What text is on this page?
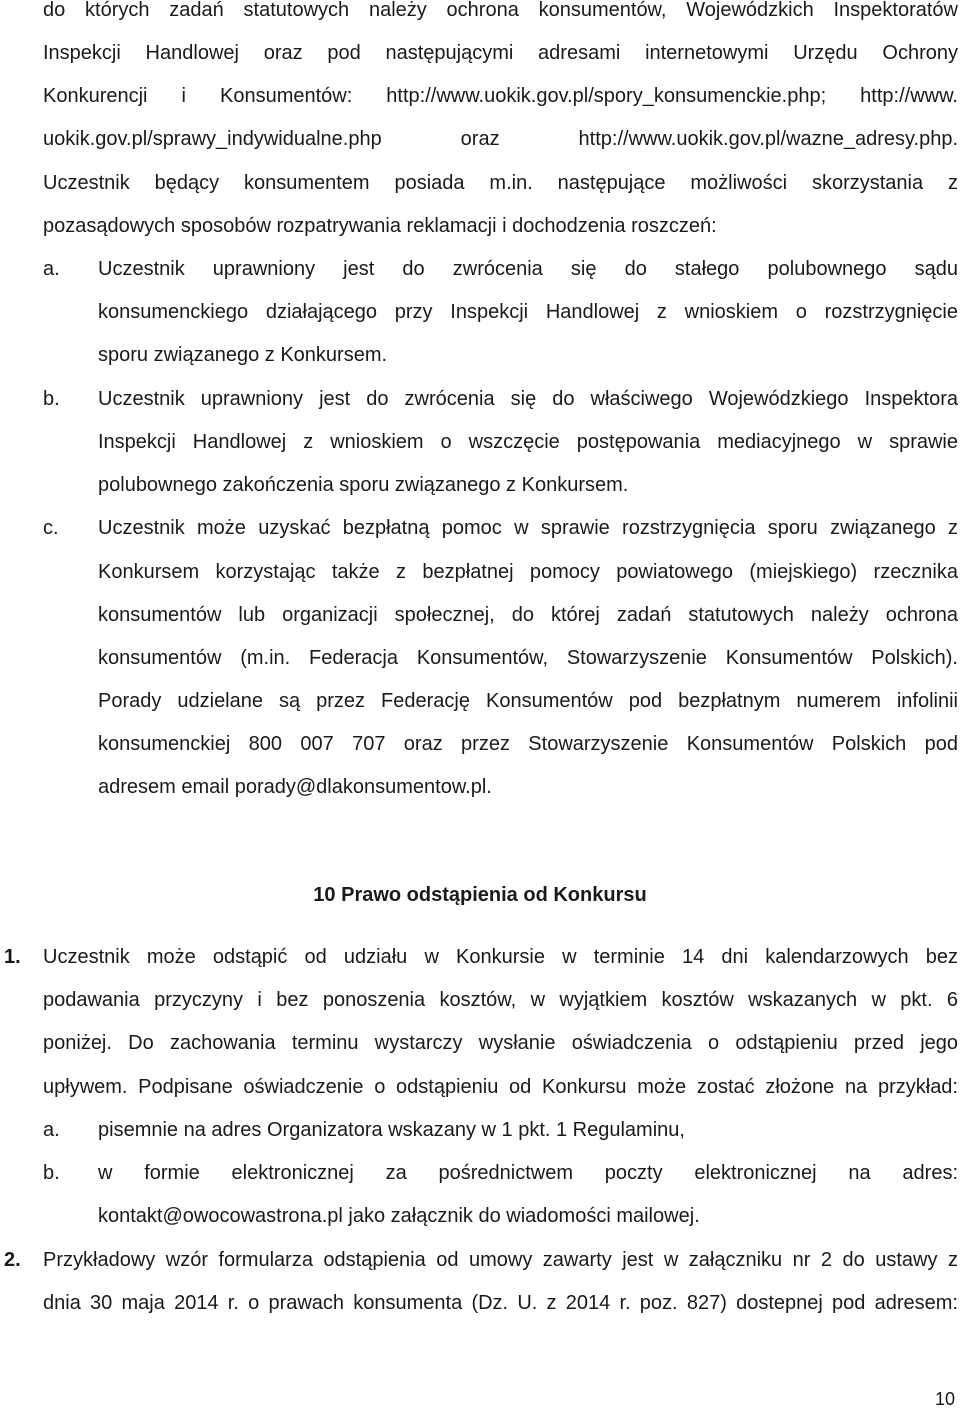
do których zadań statutowych należy ochrona konsumentów, Wojewódzkich Inspektoratów
Inspekcji Handlowej oraz pod następującymi adresami internetowymi Urzędu Ochrony
Konkurencji i Konsumentów: http://www.uokik.gov.pl/spory_konsumenckie.php; http://www.
uokik.gov.pl/sprawy_indywidualne.php oraz http://www.uokik.gov.pl/wazne_adresy.php.
Uczestnik będący konsumentem posiada m.in. następujące możliwości skorzystania z
pozasądowych sposobów rozpatrywania reklamacji i dochodzenia roszczeń:
a. Uczestnik uprawniony jest do zwrócenia się do stałego polubownego sądu
konsumenckiego działającego przy Inspekcji Handlowej z wnioskiem o rozstrzygnięcie
sporu związanego z Konkursem.
b. Uczestnik uprawniony jest do zwrócenia się do właściwego Wojewódzkiego Inspektora
Inspekcji Handlowej z wnioskiem o wszczęcie postępowania mediacyjnego w sprawie
polubownego zakończenia sporu związanego z Konkursem.
c. Uczestnik może uzyskać bezpłatną pomoc w sprawie rozstrzygnięcia sporu związanego z
Konkursem korzystając także z bezpłatnej pomocy powiatowego (miejskiego) rzecznika
konsumentów lub organizacji społecznej, do której zadań statutowych należy ochrona
konsumentów (m.in. Federacja Konsumentów, Stowarzyszenie Konsumentów Polskich).
Porady udzielane są przez Federację Konsumentów pod bezpłatnym numerem infolinii
konsumenckiej 800 007 707 oraz przez Stowarzyszenie Konsumentów Polskich pod
adresem email porady@dlakonsumentow.pl.
10 Prawo odstąpienia od Konkursu
1. Uczestnik może odstąpić od udziału w Konkursie w terminie 14 dni kalendarzowych bez
podawania przyczyny i bez ponoszenia kosztów, w wyjątkiem kosztów wskazanych w pkt. 6
poniżej. Do zachowania terminu wystarczy wysłanie oświadczenia o odstąpieniu przed jego
upływem. Podpisane oświadczenie o odstąpieniu od Konkursu może zostać złożone na przykład:
a. pisemnie na adres Organizatora wskazany w 1 pkt. 1 Regulaminu,
b. w formie elektronicznej za pośrednictwem poczty elektronicznej na adres:
kontakt@owocowastrona.pl jako załącznik do wiadomości mailowej.
2. Przykładowy wzór formularza odstąpienia od umowy zawarty jest w załączniku nr 2 do ustawy z
dnia 30 maja 2014 r. o prawach konsumenta (Dz. U. z 2014 r. poz. 827) dostepnej pod adresem:
10
